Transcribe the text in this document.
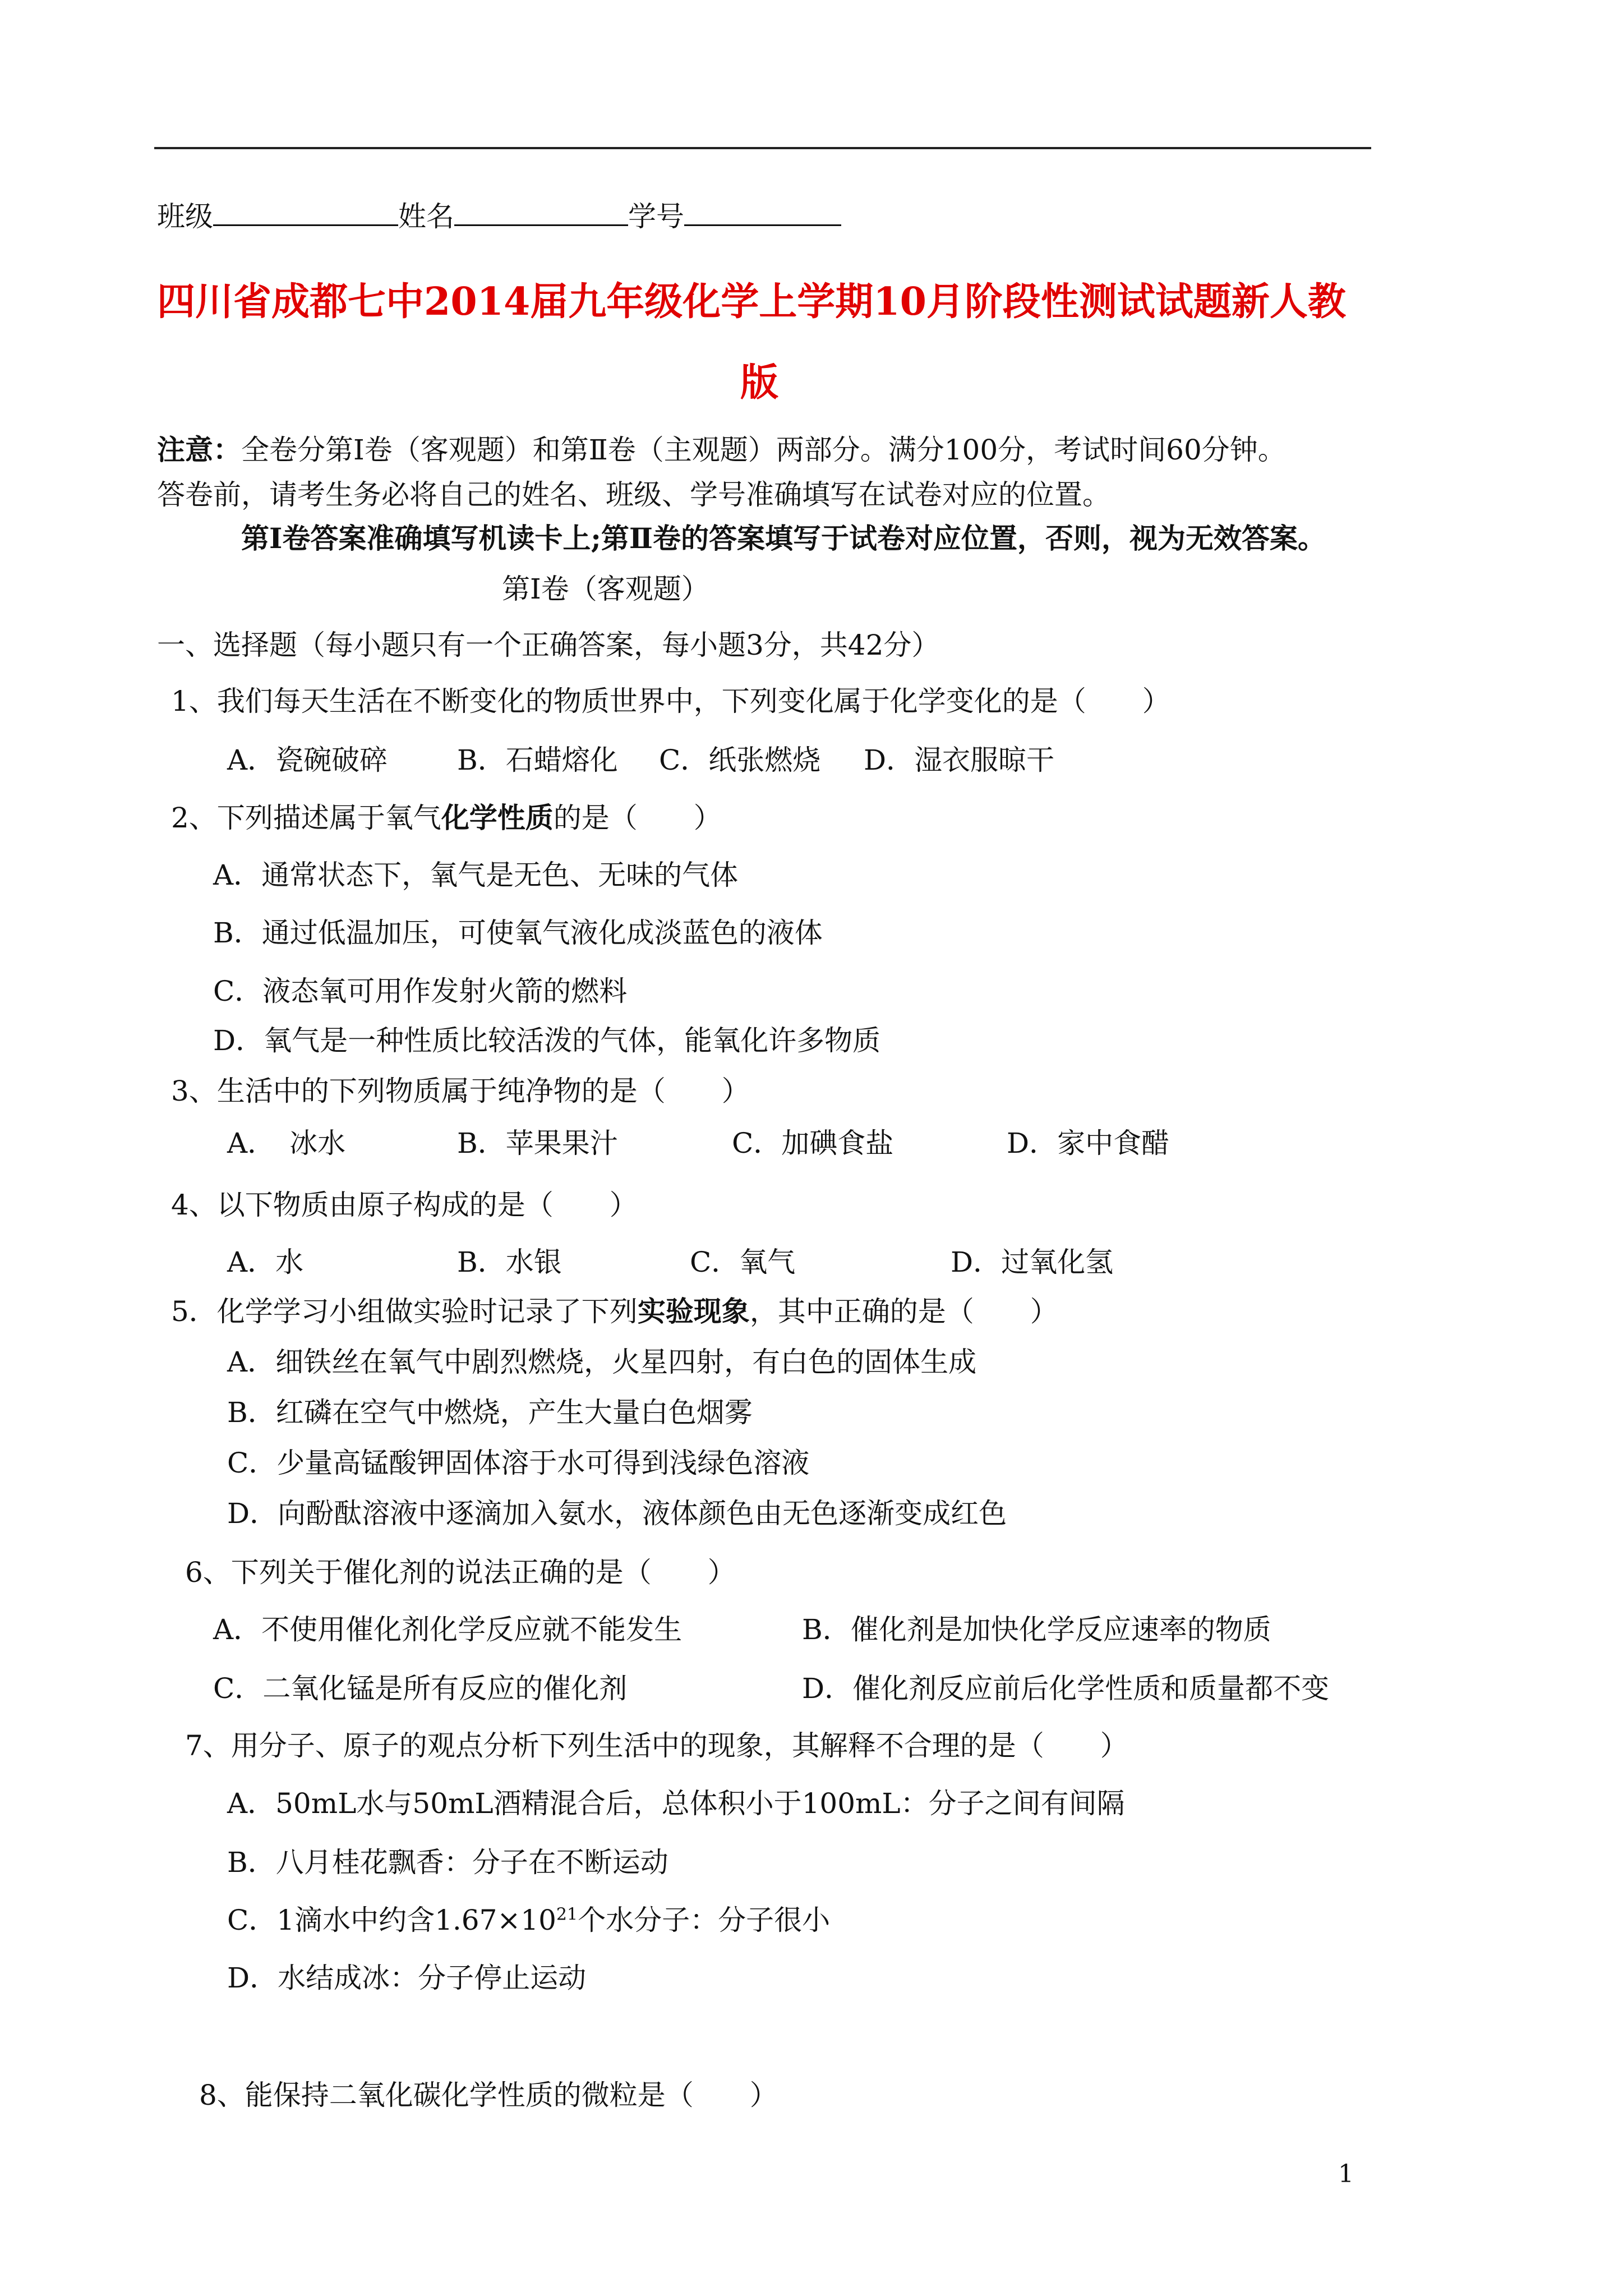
班级	姓名	学号
四川省成都七中2014届九年级化学上学期10月阶段性测试试题新人教
版
注意：全卷分第Ⅰ卷（客观题）和第Ⅱ卷（主观题）两部分。满分100分，考试时间60分钟。
答卷前，请考生务必将自己的姓名、班级、学号准确填写在试卷对应的位置。
第Ⅰ卷答案准确填写机读卡上;第Ⅱ卷的答案填写于试卷对应位置，否则，视为无效答案。
第Ⅰ卷（客观题）
一、选择题（每小题只有一个正确答案，每小题3分，共42分）
1、我们每天生活在不断变化的物质世界中，下列变化属于化学变化的是（　　）
A．瓷碗破碎 B．石蜡熔化 C．纸张燃烧 D．湿衣服晾干
2、下列描述属于氧气化学性质的是（　　）
A．通常状态下，氧气是无色、无味的气体
B．通过低温加压，可使氧气液化成淡蓝色的液体
C．液态氧可用作发射火箭的燃料
D．氧气是一种性质比较活泼的气体，能氧化许多物质
3、生活中的下列物质属于纯净物的是（　　）
A．　冰水	B．苹果果汁	C．加碘食盐	D．家中食醋
4、以下物质由原子构成的是（　　）
A．水	B．水银	C．氧气	D．过氧化氢
5．化学学习小组做实验时记录了下列实验现象，其中正确的是（　　）
A．细铁丝在氧气中剧烈燃烧，火星四射，有白色的固体生成
B．红磷在空气中燃烧，产生大量白色烟雾
C．少量高锰酸钾固体溶于水可得到浅绿色溶液
D．向酚酞溶液中逐滴加入氨水，液体颜色由无色逐渐变成红色
6、下列关于催化剂的说法正确的是（　　）
A．不使用催化剂化学反应就不能发生	B．催化剂是加快化学反应速率的物质
C．二氧化锰是所有反应的催化剂	D．催化剂反应前后化学性质和质量都不变
7、用分子、原子的观点分析下列生活中的现象，其解释不合理的是（　　）
A．50mL水与50mL酒精混合后，总体积小于100mL：分子之间有间隔
B．八月桂花飘香：分子在不断运动
C．1滴水中约含$1.67\times 10^{21}$个水分子：分子很小
D．水结成冰：分子停止运动
8、能保持二氧化碳化学性质的微粒是（　　）
1
